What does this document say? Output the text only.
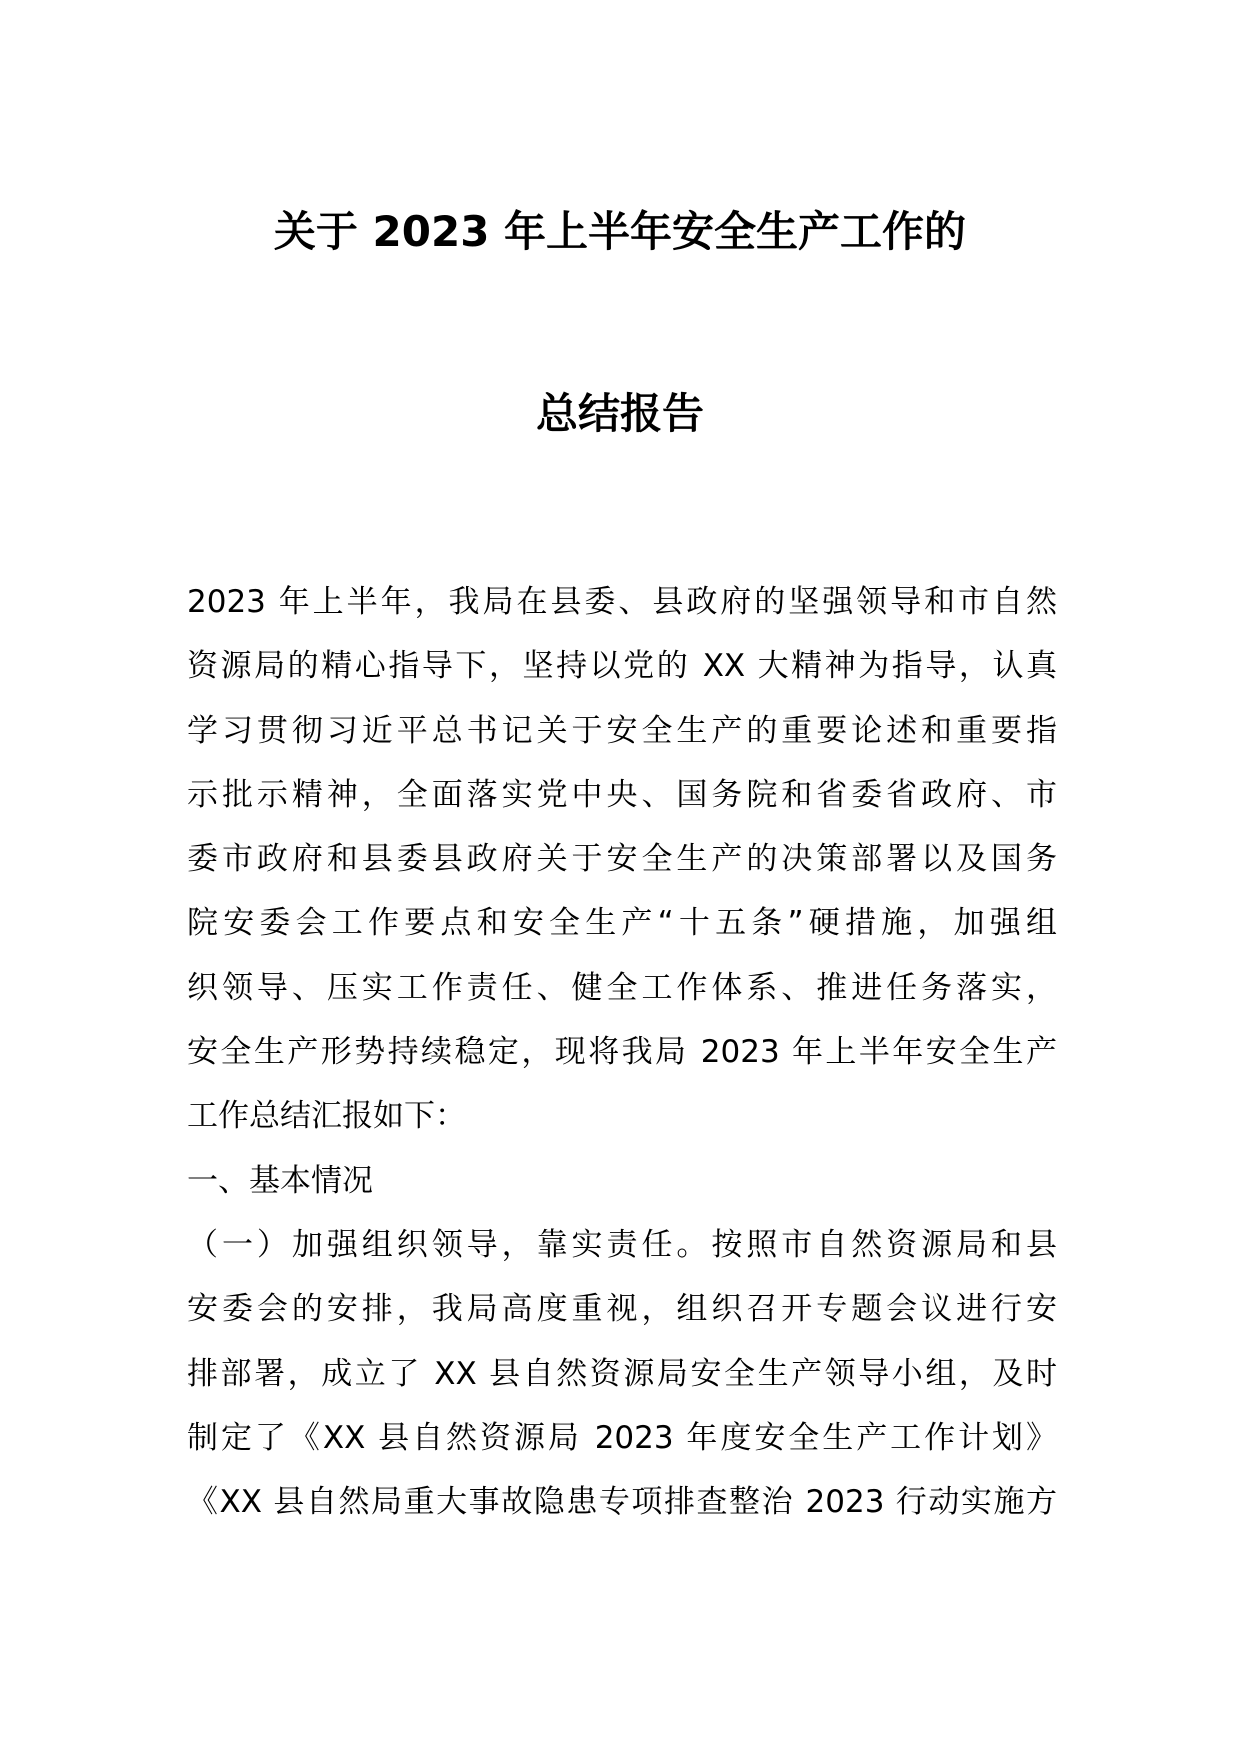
关于 2023 年上半年安全生产工作的
总结报告
2023 年上半年，我局在县委、县政府的坚强领导和市自然
资源局的精心指导下，坚持以党的 XX 大精神为指导，认真
学习贯彻习近平总书记关于安全生产的重要论述和重要指
示批示精神，全面落实党中央、国务院和省委省政府、市
委市政府和县委县政府关于安全生产的决策部署以及国务
院安委会工作要点和安全生产“十五条”硬措施，加强组
织领导、压实工作责任、健全工作体系、推进任务落实，
安全生产形势持续稳定，现将我局 2023 年上半年安全生产
工作总结汇报如下：
一、基本情况
（一）加强组织领导，靠实责任。按照市自然资源局和县
安委会的安排，我局高度重视，组织召开专题会议进行安
排部署，成立了 XX 县自然资源局安全生产领导小组，及时
制定了《XX 县自然资源局 2023 年度安全生产工作计划》
《XX 县自然局重大事故隐患专项排查整治 2023 行动实施方
